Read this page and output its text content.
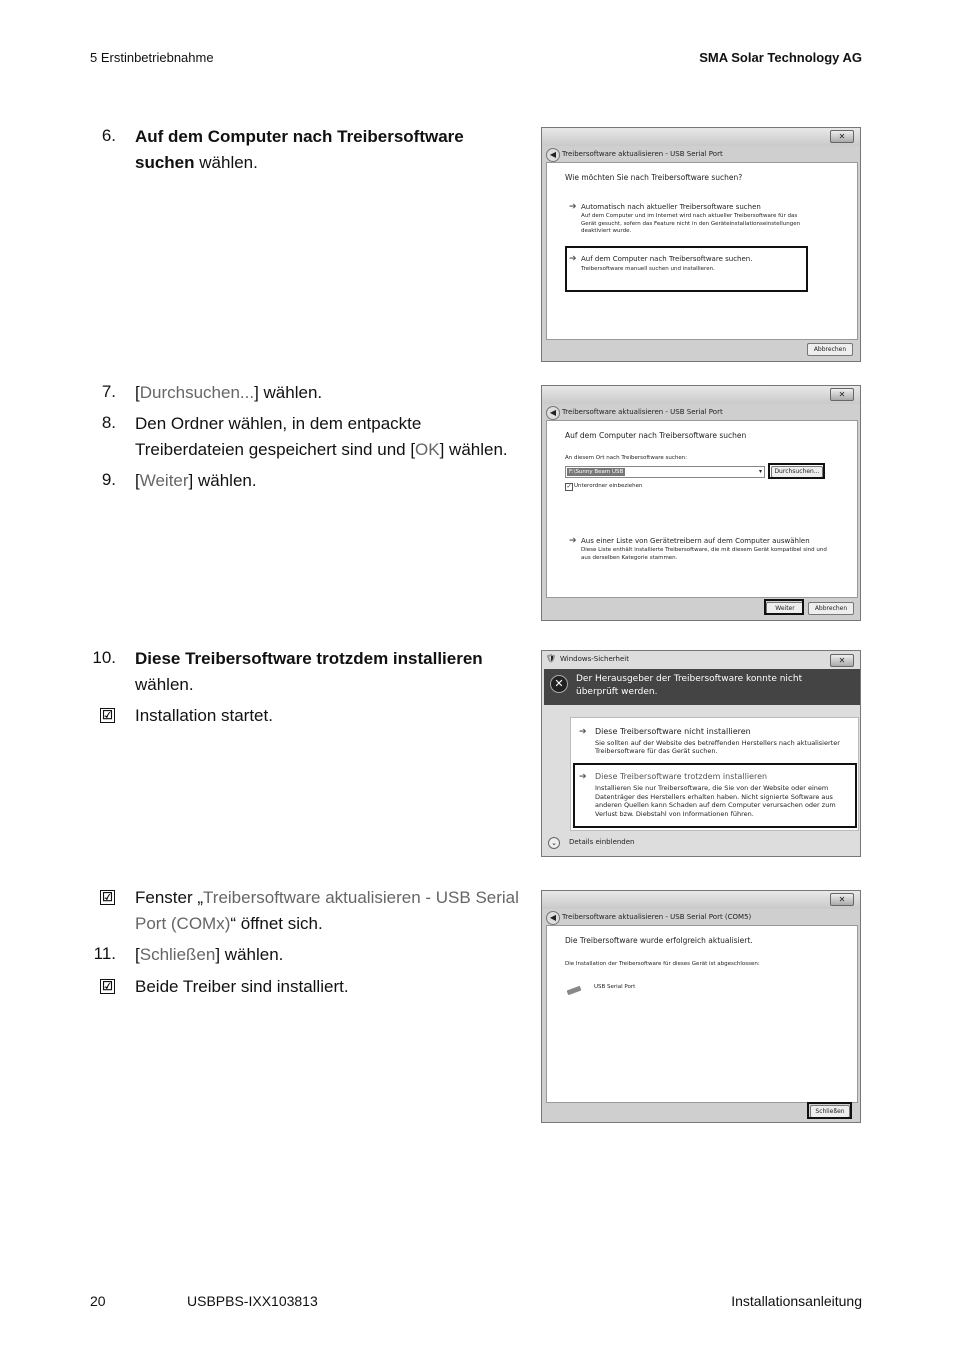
5 Erstinbetriebnahme	SMA Solar Technology AG
6. Auf dem Computer nach Treibersoftware
suchen wählen.
7. [Durchsuchen...] wählen.
8. Den Ordner wählen, in dem entpackte
Treiberdateien gespeichert sind und [OK] wählen.
9. [Weiter] wählen.
10. Diese Treibersoftware trotzdem installieren
wählen.
☑ Installation startet.
☑ Fenster „Treibersoftware aktualisieren - USB Serial
Port (COMx)“ öffnet sich.
11. [Schließen] wählen.
☑ Beide Treiber sind installiert.
✕
◀ Treibersoftware aktualisieren - USB Serial Port
Wie möchten Sie nach Treibersoftware suchen?
➔ Automatisch nach aktueller Treibersoftware suchen
Auf dem Computer und im Internet wird nach aktueller Treibersoftware für das Gerät gesucht, sofern das Feature nicht in den Geräteinstallationseinstellungen deaktiviert wurde.
➔ Auf dem Computer nach Treibersoftware suchen.
Treibersoftware manuell suchen und installieren.
Abbrechen
✕
◀ Treibersoftware aktualisieren - USB Serial Port
Auf dem Computer nach Treibersoftware suchen
An diesem Ort nach Treibersoftware suchen:
F:\Sunny Beam USB	▾	Durchsuchen...
✓ Unterordner einbeziehen
➔ Aus einer Liste von Gerätetreibern auf dem Computer auswählen
Diese Liste enthält installierte Treibersoftware, die mit diesem Gerät kompatibel sind und aus derselben Kategorie stammen.
Weiter	Abbrechen
🛡 Windows-Sicherheit	✕
✕	Der Herausgeber der Treibersoftware konnte nicht überprüft werden.
➔ Diese Treibersoftware nicht installieren
Sie sollten auf der Website des betreffenden Herstellers nach aktualisierter Treibersoftware für das Gerät suchen.
➔ Diese Treibersoftware trotzdem installieren
Installieren Sie nur Treibersoftware, die Sie von der Website oder einem Datenträger des Herstellers erhalten haben. Nicht signierte Software aus anderen Quellen kann Schaden auf dem Computer verursachen oder zum Verlust bzw. Diebstahl von Informationen führen.
⌄	Details einblenden
✕
◀ Treibersoftware aktualisieren - USB Serial Port (COM5)
Die Treibersoftware wurde erfolgreich aktualisiert.
Die Installation der Treibersoftware für dieses Gerät ist abgeschlossen:
USB Serial Port
Schließen
20	USBPBS-IXX103813	Installationsanleitung
